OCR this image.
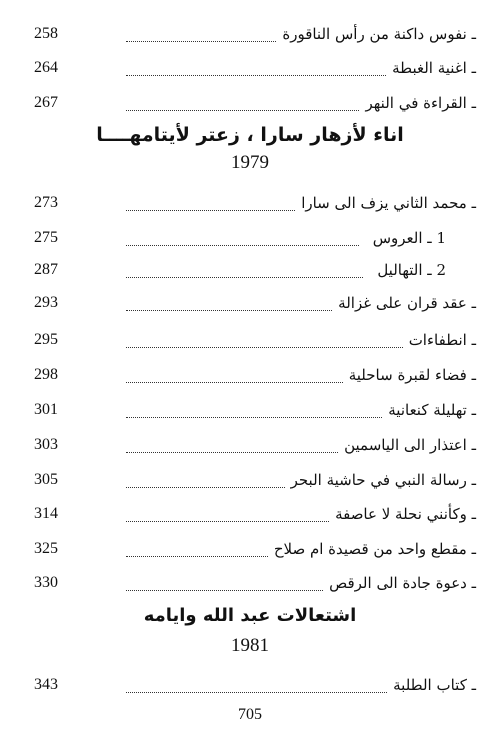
258	ـ نفوس داكنة من رأس الناقورة
264	ـ اغنية الغبطة
267	ـ القراءة في النهر
اناء لأزهار سارا ، زعتر لأيتامهــــا
1979
273	ـ محمد الثاني يزف الى سارا
275	1 ـ العروس
287	2 ـ التهاليل
293	ـ عقد قران على غزالة
295	ـ انطفاءات
298	ـ فضاء لقبرة ساحلية
301	ـ تهليلة كنعانية
303	ـ اعتذار الى الياسمين
305	ـ رسالة النبي في حاشية البحر
314	ـ وكأنني نحلة لا عاصفة
325	ـ مقطع واحد من قصيدة ام صلاح
330	ـ دعوة جادة الى الرقص
اشتعالات عبد الله وايامه
1981
343	ـ كتاب الطلبة
705
